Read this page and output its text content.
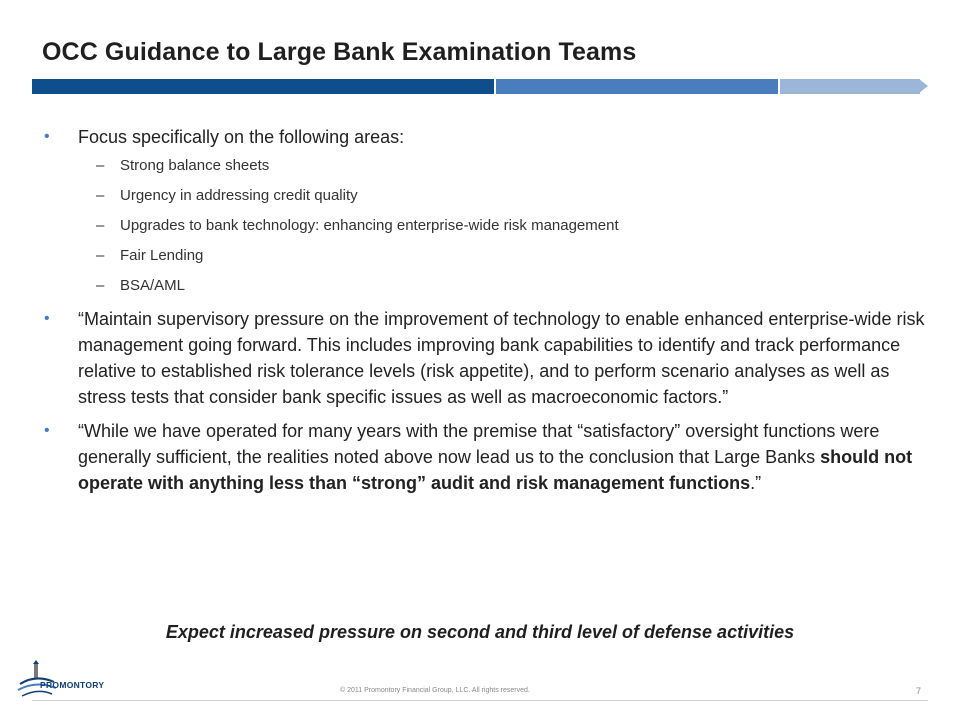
OCC Guidance to Large Bank Examination Teams
• Focus specifically on the following areas:
– Strong balance sheets
– Urgency in addressing credit quality
– Upgrades to bank technology: enhancing enterprise-wide risk management
– Fair Lending
– BSA/AML
• “Maintain supervisory pressure on the improvement of technology to enable enhanced enterprise-wide risk management going forward. This includes improving bank capabilities to identify and track performance relative to established risk tolerance levels (risk appetite), and to perform scenario analyses as well as stress tests that consider bank specific issues as well as macroeconomic factors.”
• “While we have operated for many years with the premise that “satisfactory” oversight functions were generally sufficient, the realities noted above now lead us to the conclusion that Large Banks should not operate with anything less than “strong” audit and risk management functions.”
Expect increased pressure on second and third level of defense activities
PROMONTORY
© 2011 Promontory Financial Group, LLC. All rights reserved.	7
